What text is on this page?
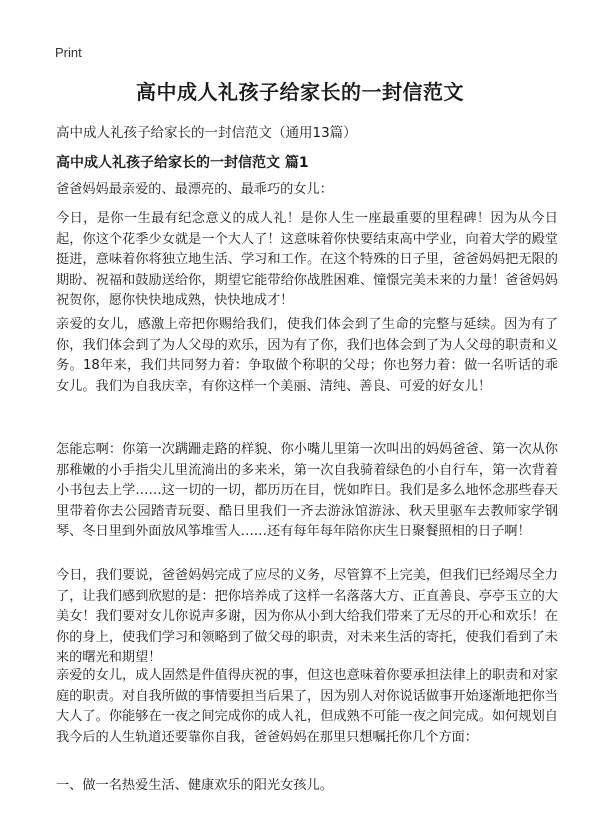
Print
高中成人礼孩子给家长的一封信范文
高中成人礼孩子给家长的一封信范文（通用13篇）
高中成人礼孩子给家长的一封信范文 篇1
爸爸妈妈最亲爱的、最漂亮的、最乖巧的女儿：
今日，是你一生最有纪念意义的成人礼！是你人生一座最重要的里程碑！因为从今日起，你这个花季少女就是一个大人了！这意味着你快要结束高中学业，向着大学的殿堂挺进，意味着你将独立地生活、学习和工作。在这个特殊的日子里，爸爸妈妈把无限的期盼、祝福和鼓励送给你，期望它能带给你战胜困难、憧憬完美未来的力量！爸爸妈妈祝贺你，愿你快快地成熟，快快地成才！
亲爱的女儿，感激上帝把你赐给我们，使我们体会到了生命的完整与延续。因为有了你，我们体会到了为人父母的欢乐，因为有了你，我们也体会到了为人父母的职责和义务。18年来，我们共同努力着：争取做个称职的父母；你也努力着：做一名听话的乖女儿。我们为自我庆幸，有你这样一个美丽、清纯、善良、可爱的好女儿！
怎能忘啊：你第一次蹒跚走路的样貌、你小嘴儿里第一次叫出的妈妈爸爸、第一次从你那稚嫩的小手指尖儿里流淌出的多来米，第一次自我骑着绿色的小自行车，第一次背着小书包去上学……这一切的一切，都历历在目，恍如昨日。我们是多么地怀念那些春天里带着你去公园踏青玩耍、酷日里我们一齐去游泳馆游泳、秋天里驱车去教师家学钢琴、冬日里到外面放风筝堆雪人……还有每年每年陪你庆生日聚餐照相的日子啊！
今日，我们要说，爸爸妈妈完成了应尽的义务，尽管算不上完美，但我们已经竭尽全力了，让我们感到欣慰的是：把你培养成了这样一名落落大方、正直善良、亭亭玉立的大美女！我们要对女儿你说声多谢，因为你从小到大给我们带来了无尽的开心和欢乐！在你的身上，使我们学习和领略到了做父母的职责，对未来生活的寄托，使我们看到了未来的曙光和期望！
亲爱的女儿，成人固然是件值得庆祝的事，但这也意味着你要承担法律上的职责和对家庭的职责。对自我所做的事情要担当后果了，因为别人对你说话做事开始逐渐地把你当大人了。你能够在一夜之间完成你的成人礼，但成熟不可能一夜之间完成。如何规划自我今后的人生轨道还要靠你自我，爸爸妈妈在那里只想嘱托你几个方面：
一、做一名热爱生活、健康欢乐的阳光女孩儿。
